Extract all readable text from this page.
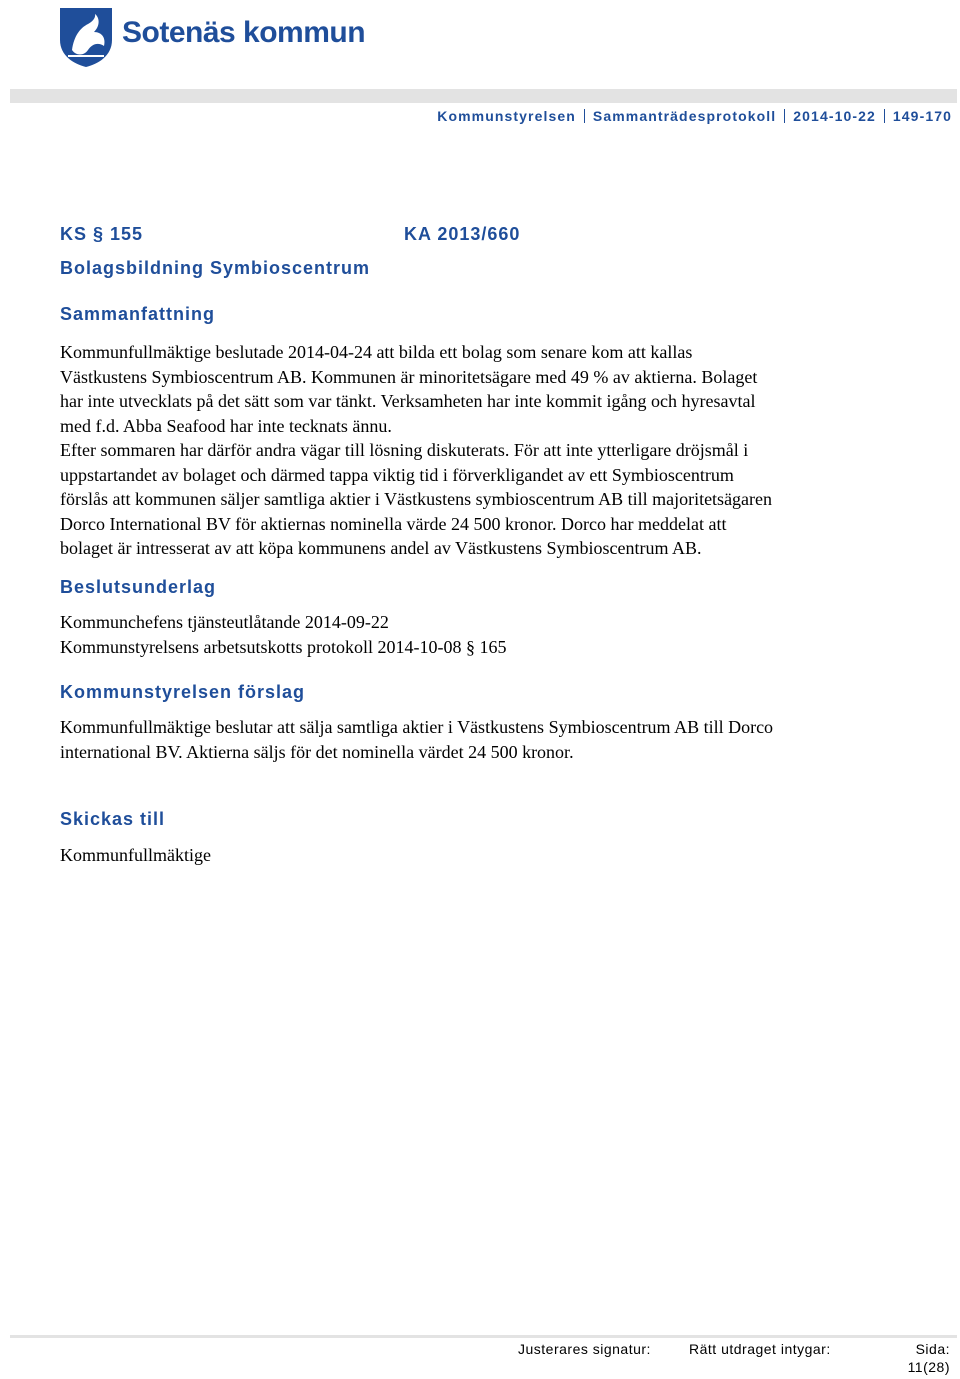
Sotenäs kommun
Kommunstyrelsen Sammanträdesprotokoll 2014-10-22 149-170
KS § 155	KA 2013/660
Bolagsbildning Symbioscentrum
Sammanfattning
Kommunfullmäktige beslutade 2014-04-24 att bilda ett bolag som senare kom att kallas
Västkustens Symbioscentrum AB. Kommunen är minoritetsägare med 49 % av aktierna. Bolaget
har inte utvecklats på det sätt som var tänkt. Verksamheten har inte kommit igång och hyresavtal
med f.d. Abba Seafood har inte tecknats ännu.
Efter sommaren har därför andra vägar till lösning diskuterats. För att inte ytterligare dröjsmål i
uppstartandet av bolaget och därmed tappa viktig tid i förverkligandet av ett Symbioscentrum
förslås att kommunen säljer samtliga aktier i Västkustens symbioscentrum AB till majoritetsägaren
Dorco International BV för aktiernas nominella värde 24 500 kronor. Dorco har meddelat att
bolaget är intresserat av att köpa kommunens andel av Västkustens Symbioscentrum AB.
Beslutsunderlag
Kommunchefens tjänsteutlåtande 2014-09-22
Kommunstyrelsens arbetsutskotts protokoll 2014-10-08 § 165
Kommunstyrelsen förslag
Kommunfullmäktige beslutar att sälja samtliga aktier i Västkustens Symbioscentrum AB till Dorco
international BV. Aktierna säljs för det nominella värdet 24 500 kronor.
Skickas till
Kommunfullmäktige
Justerares signatur:	Rätt utdraget intygar:	Sida:
11(28)
